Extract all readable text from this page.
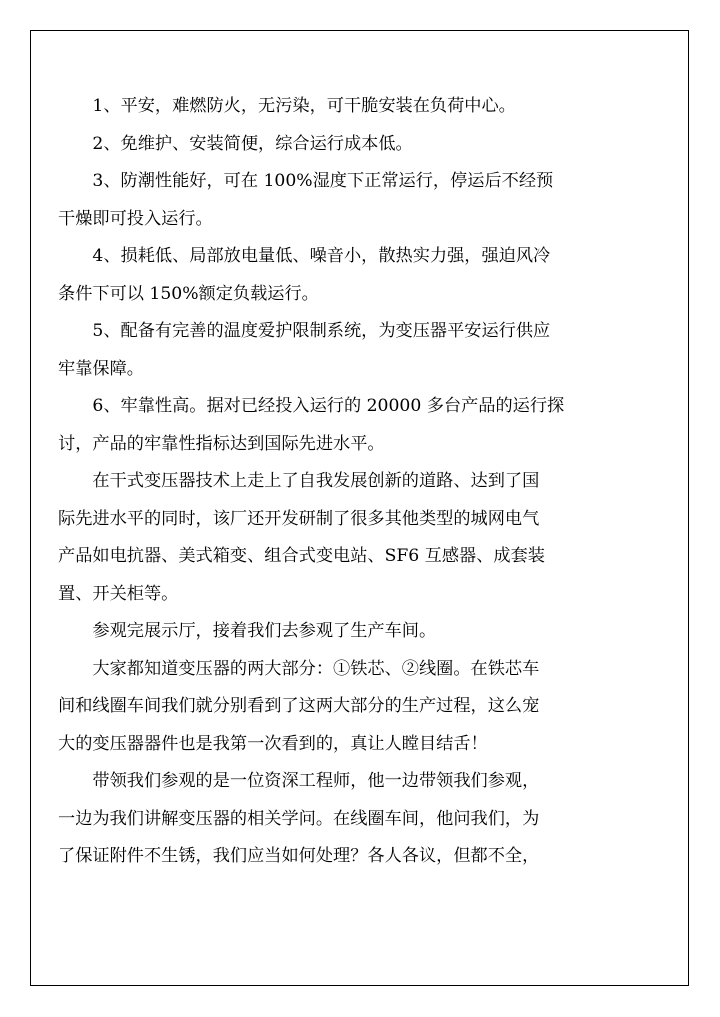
1、平安，难燃防火，无污染，可干脆安装在负荷中心。
2、免维护、安装简便，综合运行成本低。
3、防潮性能好，可在 100%湿度下正常运行，停运后不经预
干燥即可投入运行。
4、损耗低、局部放电量低、噪音小，散热实力强，强迫风冷
条件下可以 150%额定负载运行。
5、配备有完善的温度爱护限制系统，为变压器平安运行供应
牢靠保障。
6、牢靠性高。据对已经投入运行的 20000 多台产品的运行探
讨，产品的牢靠性指标达到国际先进水平。
在干式变压器技术上走上了自我发展创新的道路、达到了国
际先进水平的同时，该厂还开发研制了很多其他类型的城网电气
产品如电抗器、美式箱变、组合式变电站、SF6 互感器、成套装
置、开关柜等。
参观完展示厅，接着我们去参观了生产车间。
大家都知道变压器的两大部分：①铁芯、②线圈。在铁芯车
间和线圈车间我们就分别看到了这两大部分的生产过程，这么宠
大的变压器器件也是我第一次看到的，真让人瞠目结舌！
带领我们参观的是一位资深工程师，他一边带领我们参观，
一边为我们讲解变压器的相关学问。在线圈车间，他问我们，为
了保证附件不生锈，我们应当如何处理？各人各议，但都不全，
